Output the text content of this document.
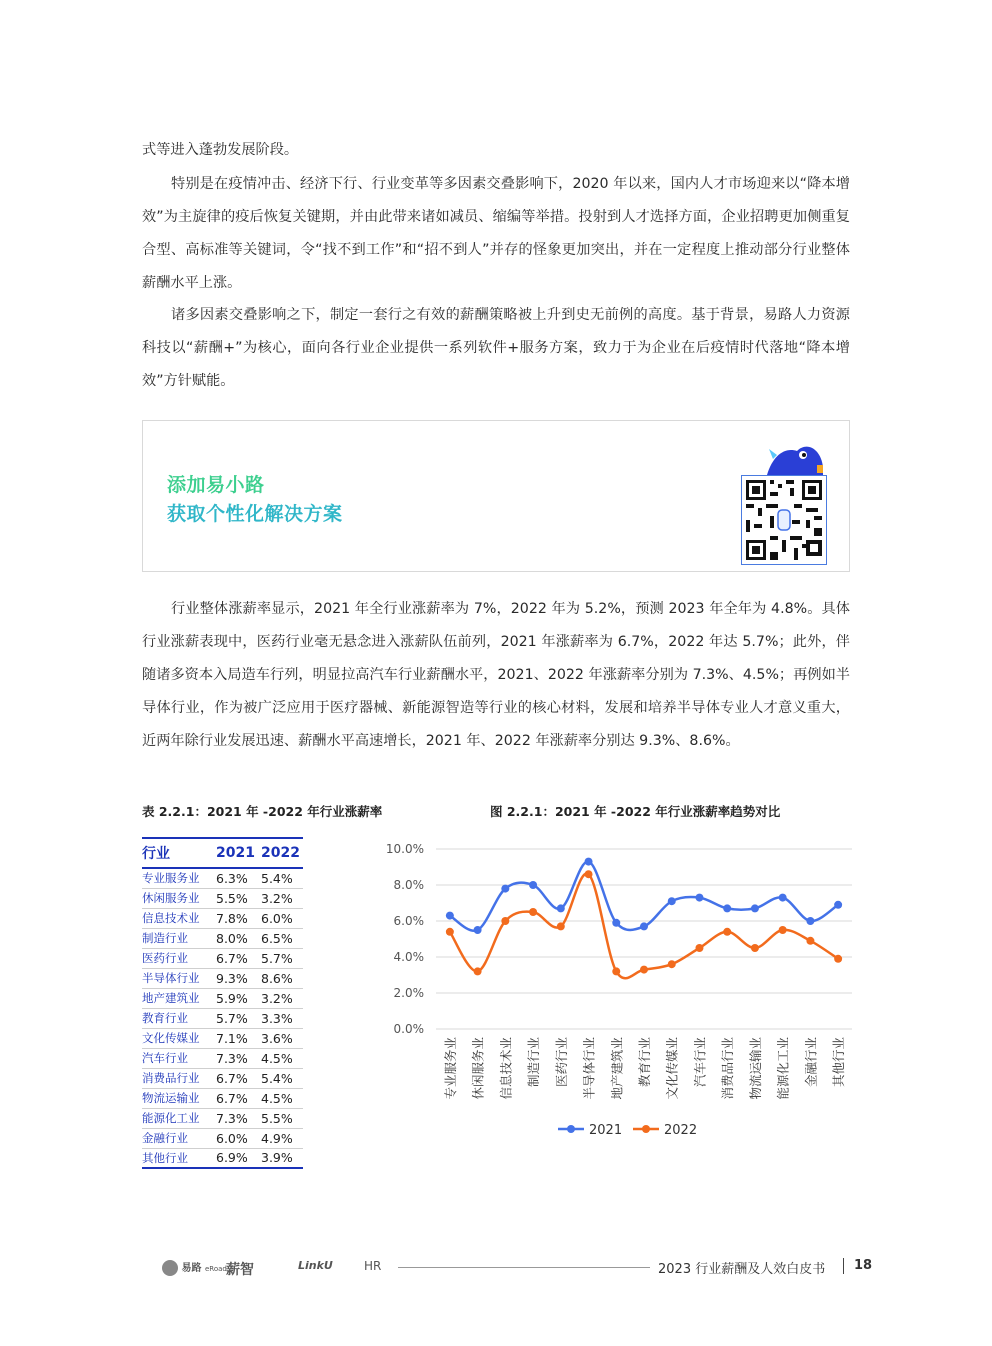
式等进入蓬勃发展阶段。
特别是在疫情冲击、经济下行、行业变革等多因素交叠影响下，2020 年以来，国内人才市场迎来以“降本增效”为主旋律的疫后恢复关键期，并由此带来诸如减员、缩编等举措。投射到人才选择方面，企业招聘更加侧重复合型、高标准等关键词，令“找不到工作”和“招不到人”并存的怪象更加突出，并在一定程度上推动部分行业整体薪酬水平上涨。
诸多因素交叠影响之下，制定一套行之有效的薪酬策略被上升到史无前例的高度。基于背景，易路人力资源科技以“薪酬+”为核心，面向各行业企业提供一系列软件+服务方案，致力于为企业在后疫情时代落地“降本增效”方针赋能。
添加易小路
获取个性化解决方案
行业整体涨薪率显示，2021 年全行业涨薪率为 7%，2022 年为 5.2%，预测 2023 年全年为 4.8%。具体行业涨薪表现中，医药行业毫无悬念进入涨薪队伍前列，2021 年涨薪率为 6.7%，2022 年达 5.7%；此外，伴随诸多资本入局造车行列，明显拉高汽车行业薪酬水平，2021、2022 年涨薪率分别为 7.3%、4.5%；再例如半导体行业，作为被广泛应用于医疗器械、新能源智造等行业的核心材料，发展和培养半导体专业人才意义重大，近两年除行业发展迅速、薪酬水平高速增长，2021 年、2022 年涨薪率分别达 9.3%、8.6%。
表 2.2.1：2021 年 -2022 年行业涨薪率	图 2.2.1：2021 年 -2022 年行业涨薪率趋势对比
行业	2021	2022
专业服务业	6.3%	5.4%
休闲服务业	5.5%	3.2%
信息技术业	7.8%	6.0%
制造行业	8.0%	6.5%
医药行业	6.7%	5.7%
半导体行业	9.3%	8.6%
地产建筑业	5.9%	3.2%
教育行业	5.7%	3.3%
文化传媒业	7.1%	3.6%
汽车行业	7.3%	4.5%
消费品行业	6.7%	5.4%
物流运输业	6.7%	4.5%
能源化工业	7.3%	5.5%
金融行业	6.0%	4.9%
其他行业	6.9%	3.9%
10.0%
8.0%
6.0%
4.0%
2.0%
0.0%
专业服务业 休闲服务业 信息技术业 制造行业 医药行业 半导体行业 地产建筑业 教育行业 文化传媒业 汽车行业 消费品行业 物流运输业 能源化工业 金融行业 其他行业
2021	2022
易路 eRoad 薪智	LinkU	HR	2023 行业薪酬及人效白皮书 18
